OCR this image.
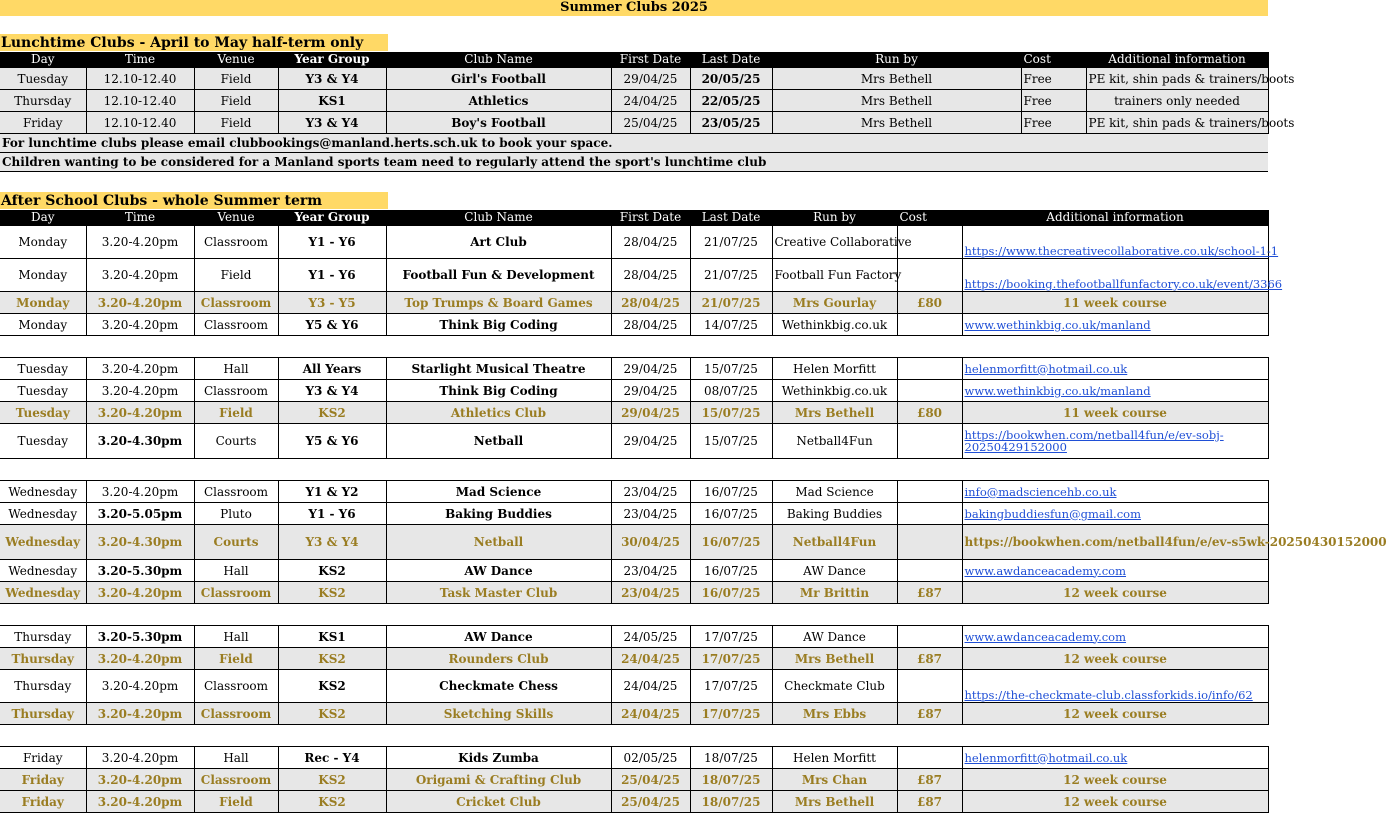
Summer Clubs 2025
Lunchtime Clubs - April to May half-term only
Day	Time	Venue	Year Group	Club Name	First Date	Last Date	Run by	Cost	Additional information
Tuesday	12.10-12.40	Field	Y3 & Y4	Girl's Football	29/04/25	20/05/25	Mrs Bethell	Free	PE kit, shin pads & trainers/boots
Thursday	12.10-12.40	Field	KS1	Athletics	24/04/25	22/05/25	Mrs Bethell	Free	trainers only needed
Friday	12.10-12.40	Field	Y3 & Y4	Boy's Football	25/04/25	23/05/25	Mrs Bethell	Free	PE kit, shin pads & trainers/boots
For lunchtime clubs please email clubbookings@manland.herts.sch.uk to book your space.									
Children wanting to be considered for a Manland sports team need to regularly attend the sport's lunchtime club									
After School Clubs - whole Summer term
Day	Time	Venue	Year Group	Club Name	First Date	Last Date	Run by	Cost	Additional information
Monday	3.20-4.20pm	Classroom	Y1 - Y6	Art Club	28/04/25	21/07/25	Creative Collaborative		https://www.thecreativecollaborative.co.uk/school-1-1
Monday	3.20-4.20pm	Field	Y1 - Y6	Football Fun & Development	28/04/25	21/07/25	Football Fun Factory		https://booking.thefootballfunfactory.co.uk/event/3366
Monday	3.20-4.20pm	Classroom	Y3 - Y5	Top Trumps & Board Games	28/04/25	21/07/25	Mrs Gourlay	£80	11 week course
Monday	3.20-4.20pm	Classroom	Y5 & Y6	Think Big Coding	28/04/25	14/07/25	Wethinkbig.co.uk		www.wethinkbig.co.uk/manland

Tuesday	3.20-4.20pm	Hall	All Years	Starlight Musical Theatre	29/04/25	15/07/25	Helen Morfitt		helenmorfitt@hotmail.co.uk
Tuesday	3.20-4.20pm	Classroom	Y3 & Y4	Think Big Coding	29/04/25	08/07/25	Wethinkbig.co.uk		www.wethinkbig.co.uk/manland
Tuesday	3.20-4.20pm	Field	KS2	Athletics Club	29/04/25	15/07/25	Mrs Bethell	£80	11 week course
Tuesday	3.20-4.30pm	Courts	Y5 & Y6	Netball	29/04/25	15/07/25	Netball4Fun		https://bookwhen.com/netball4fun/e/ev-sobj-20250429152000

Wednesday	3.20-4.20pm	Classroom	Y1 & Y2	Mad Science	23/04/25	16/07/25	Mad Science		info@madsciencehb.co.uk
Wednesday	3.20-5.05pm	Pluto	Y1 - Y6	Baking Buddies	23/04/25	16/07/25	Baking Buddies		bakingbuddiesfun@gmail.com
Wednesday	3.20-4.30pm	Courts	Y3 & Y4	Netball	30/04/25	16/07/25	Netball4Fun		https://bookwhen.com/netball4fun/e/ev-s5wk-20250430152000
Wednesday	3.20-5.30pm	Hall	KS2	AW Dance	23/04/25	16/07/25	AW Dance		www.awdanceacademy.com
Wednesday	3.20-4.20pm	Classroom	KS2	Task Master Club	23/04/25	16/07/25	Mr Brittin	£87	12 week course

Thursday	3.20-5.30pm	Hall	KS1	AW Dance	24/05/25	17/07/25	AW Dance		www.awdanceacademy.com
Thursday	3.20-4.20pm	Field	KS2	Rounders Club	24/04/25	17/07/25	Mrs Bethell	£87	12 week course
Thursday	3.20-4.20pm	Classroom	KS2	Checkmate Chess	24/04/25	17/07/25	Checkmate Club		https://the-checkmate-club.classforkids.io/info/62
Thursday	3.20-4.20pm	Classroom	KS2	Sketching Skills	24/04/25	17/07/25	Mrs Ebbs	£87	12 week course

Friday	3.20-4.20pm	Hall	Rec - Y4	Kids Zumba	02/05/25	18/07/25	Helen Morfitt		helenmorfitt@hotmail.co.uk
Friday	3.20-4.20pm	Classroom	KS2	Origami & Crafting Club	25/04/25	18/07/25	Mrs Chan	£87	12 week course
Friday	3.20-4.20pm	Field	KS2	Cricket Club	25/04/25	18/07/25	Mrs Bethell	£87	12 week course
